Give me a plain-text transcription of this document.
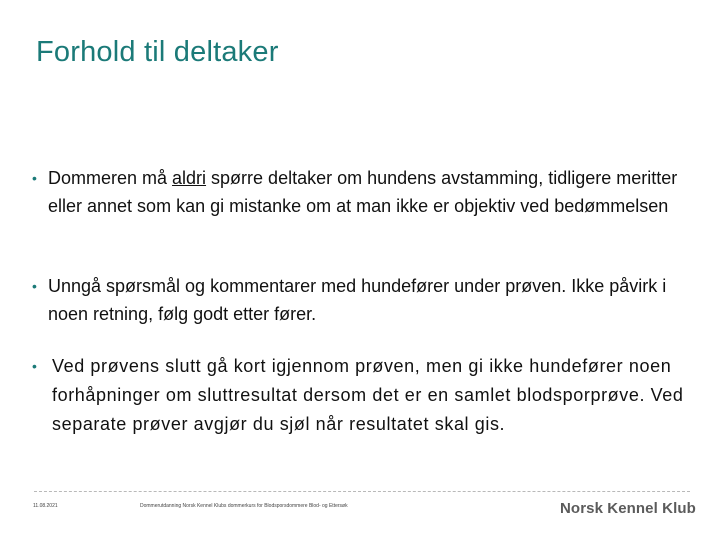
Forhold til deltaker
• Dommeren må aldri spørre deltaker om hundens avstamming, tidligere meritter eller annet som kan gi mistanke om at man ikke er objektiv ved bedømmelsen
• Unngå spørsmål og kommentarer med hundefører under prøven. Ikke påvirk i noen retning, følg godt etter fører.
• Ved prøvens slutt gå kort igjennom prøven, men gi ikke hundefører noen forhåpninger om sluttresultat dersom det er en samlet blodsporprøve. Ved separate prøver avgjør du sjøl når resultatet skal gis.
11.08.2021	Dommerutdanning Norsk Kennel Klubs dommerkurs for Blodsporsdommere Blod- og Ettersøk	Norsk Kennel Klub
